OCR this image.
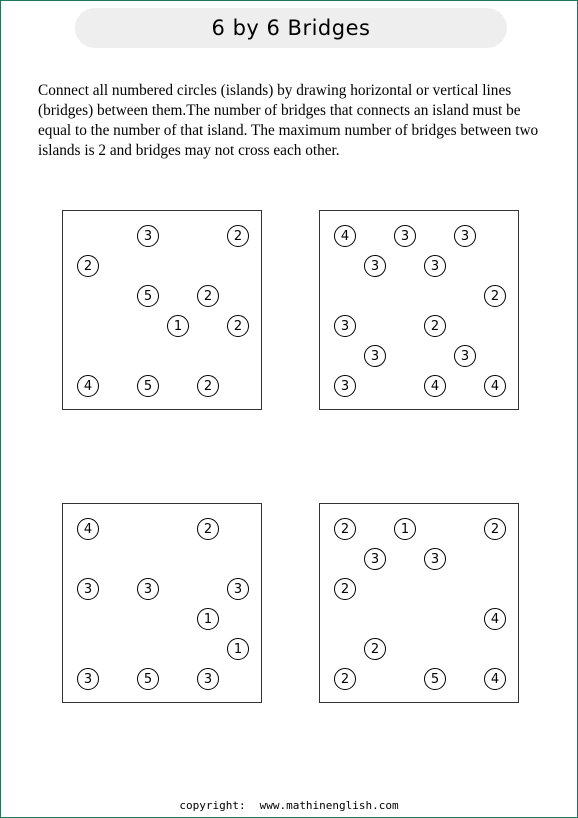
6 by 6 Bridges
Connect all numbered circles (islands) by drawing horizontal or vertical lines (bridges) between them.The number of bridges that connects an island must be equal to the number of that island. The maximum number of bridges between two islands is 2 and bridges may not cross each other.
3	2
2
5	2
1	2
4	5	2
4	3	3
3	3
2
3	2
3	3
3	4	4
4	2
3	3	3
1
1
3	5	3
2	1	2
3	3
2
4
2
2	5	4
copyright: www.mathinenglish.com
